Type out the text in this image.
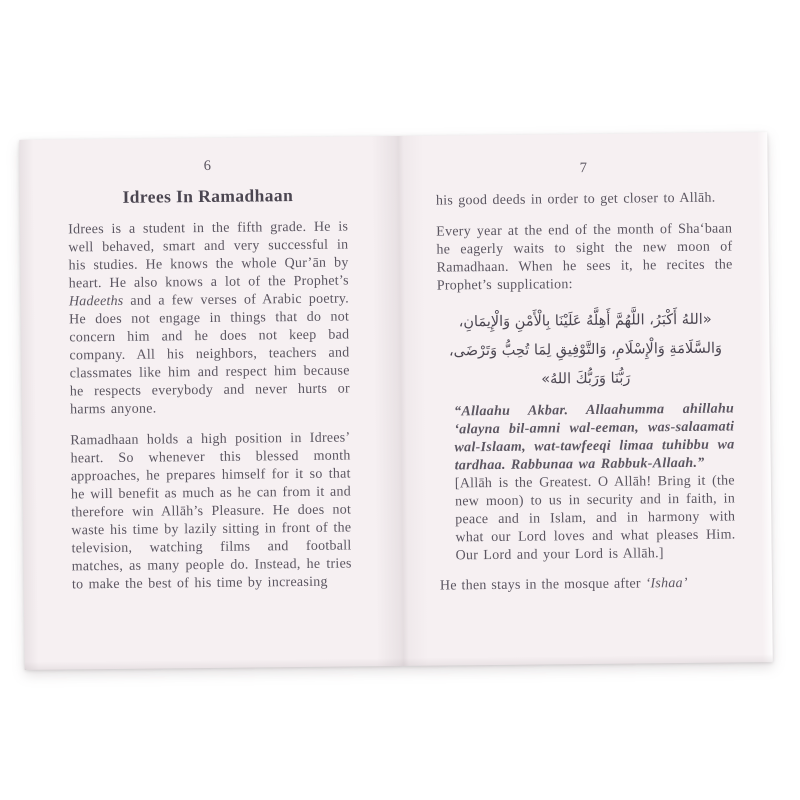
6
Idrees In Ramadhaan

Idrees is a student in the fifth grade. He is well behaved, smart and very successful in his studies. He knows the whole Qur’ān by heart. He also knows a lot of the Prophet’s Hadeeths and a few verses of Arabic poetry. He does not engage in things that do not concern him and he does not keep bad company. All his neighbors, teachers and classmates like him and respect him because he respects everybody and never hurts or harms anyone.

Ramadhaan holds a high position in Idrees’ heart. So whenever this blessed month approaches, he prepares himself for it so that he will benefit as much as he can from it and therefore win Allāh’s Pleasure. He does not waste his time by lazily sitting in front of the television, watching films and football matches, as many people do. Instead, he tries to make the best of his time by increasing

7

his good deeds in order to get closer to Allāh.

Every year at the end of the month of Sha‘baan he eagerly waits to sight the new moon of Ramadhaan. When he sees it, he recites the Prophet’s supplication:

«اللهُ أَكْبَرُ، اللَّهُمَّ أَهِلَّهُ عَلَيْنَا بِالْأَمْنِ وَالْإِيمَانِ، وَالسَّلَامَةِ وَالْإِسْلَامِ، وَالتَّوْفِيقِ لِمَا تُحِبُّ وَتَرْضَى، رَبُّنَا وَرَبُّكَ اللهُ»

“Allaahu Akbar. Allaahumma ahillahu ‘alayna bil-amni wal-eeman, was-salaamati wal-Islaam, wat-tawfeeqi limaa tuhibbu wa tardhaa. Rabbunaa wa Rabbuk-Allaah.”

[Allāh is the Greatest. O Allāh! Bring it (the new moon) to us in security and in faith, in peace and in Islam, and in harmony with what our Lord loves and what pleases Him. Our Lord and your Lord is Allāh.]

He then stays in the mosque after ‘Ishaa’
